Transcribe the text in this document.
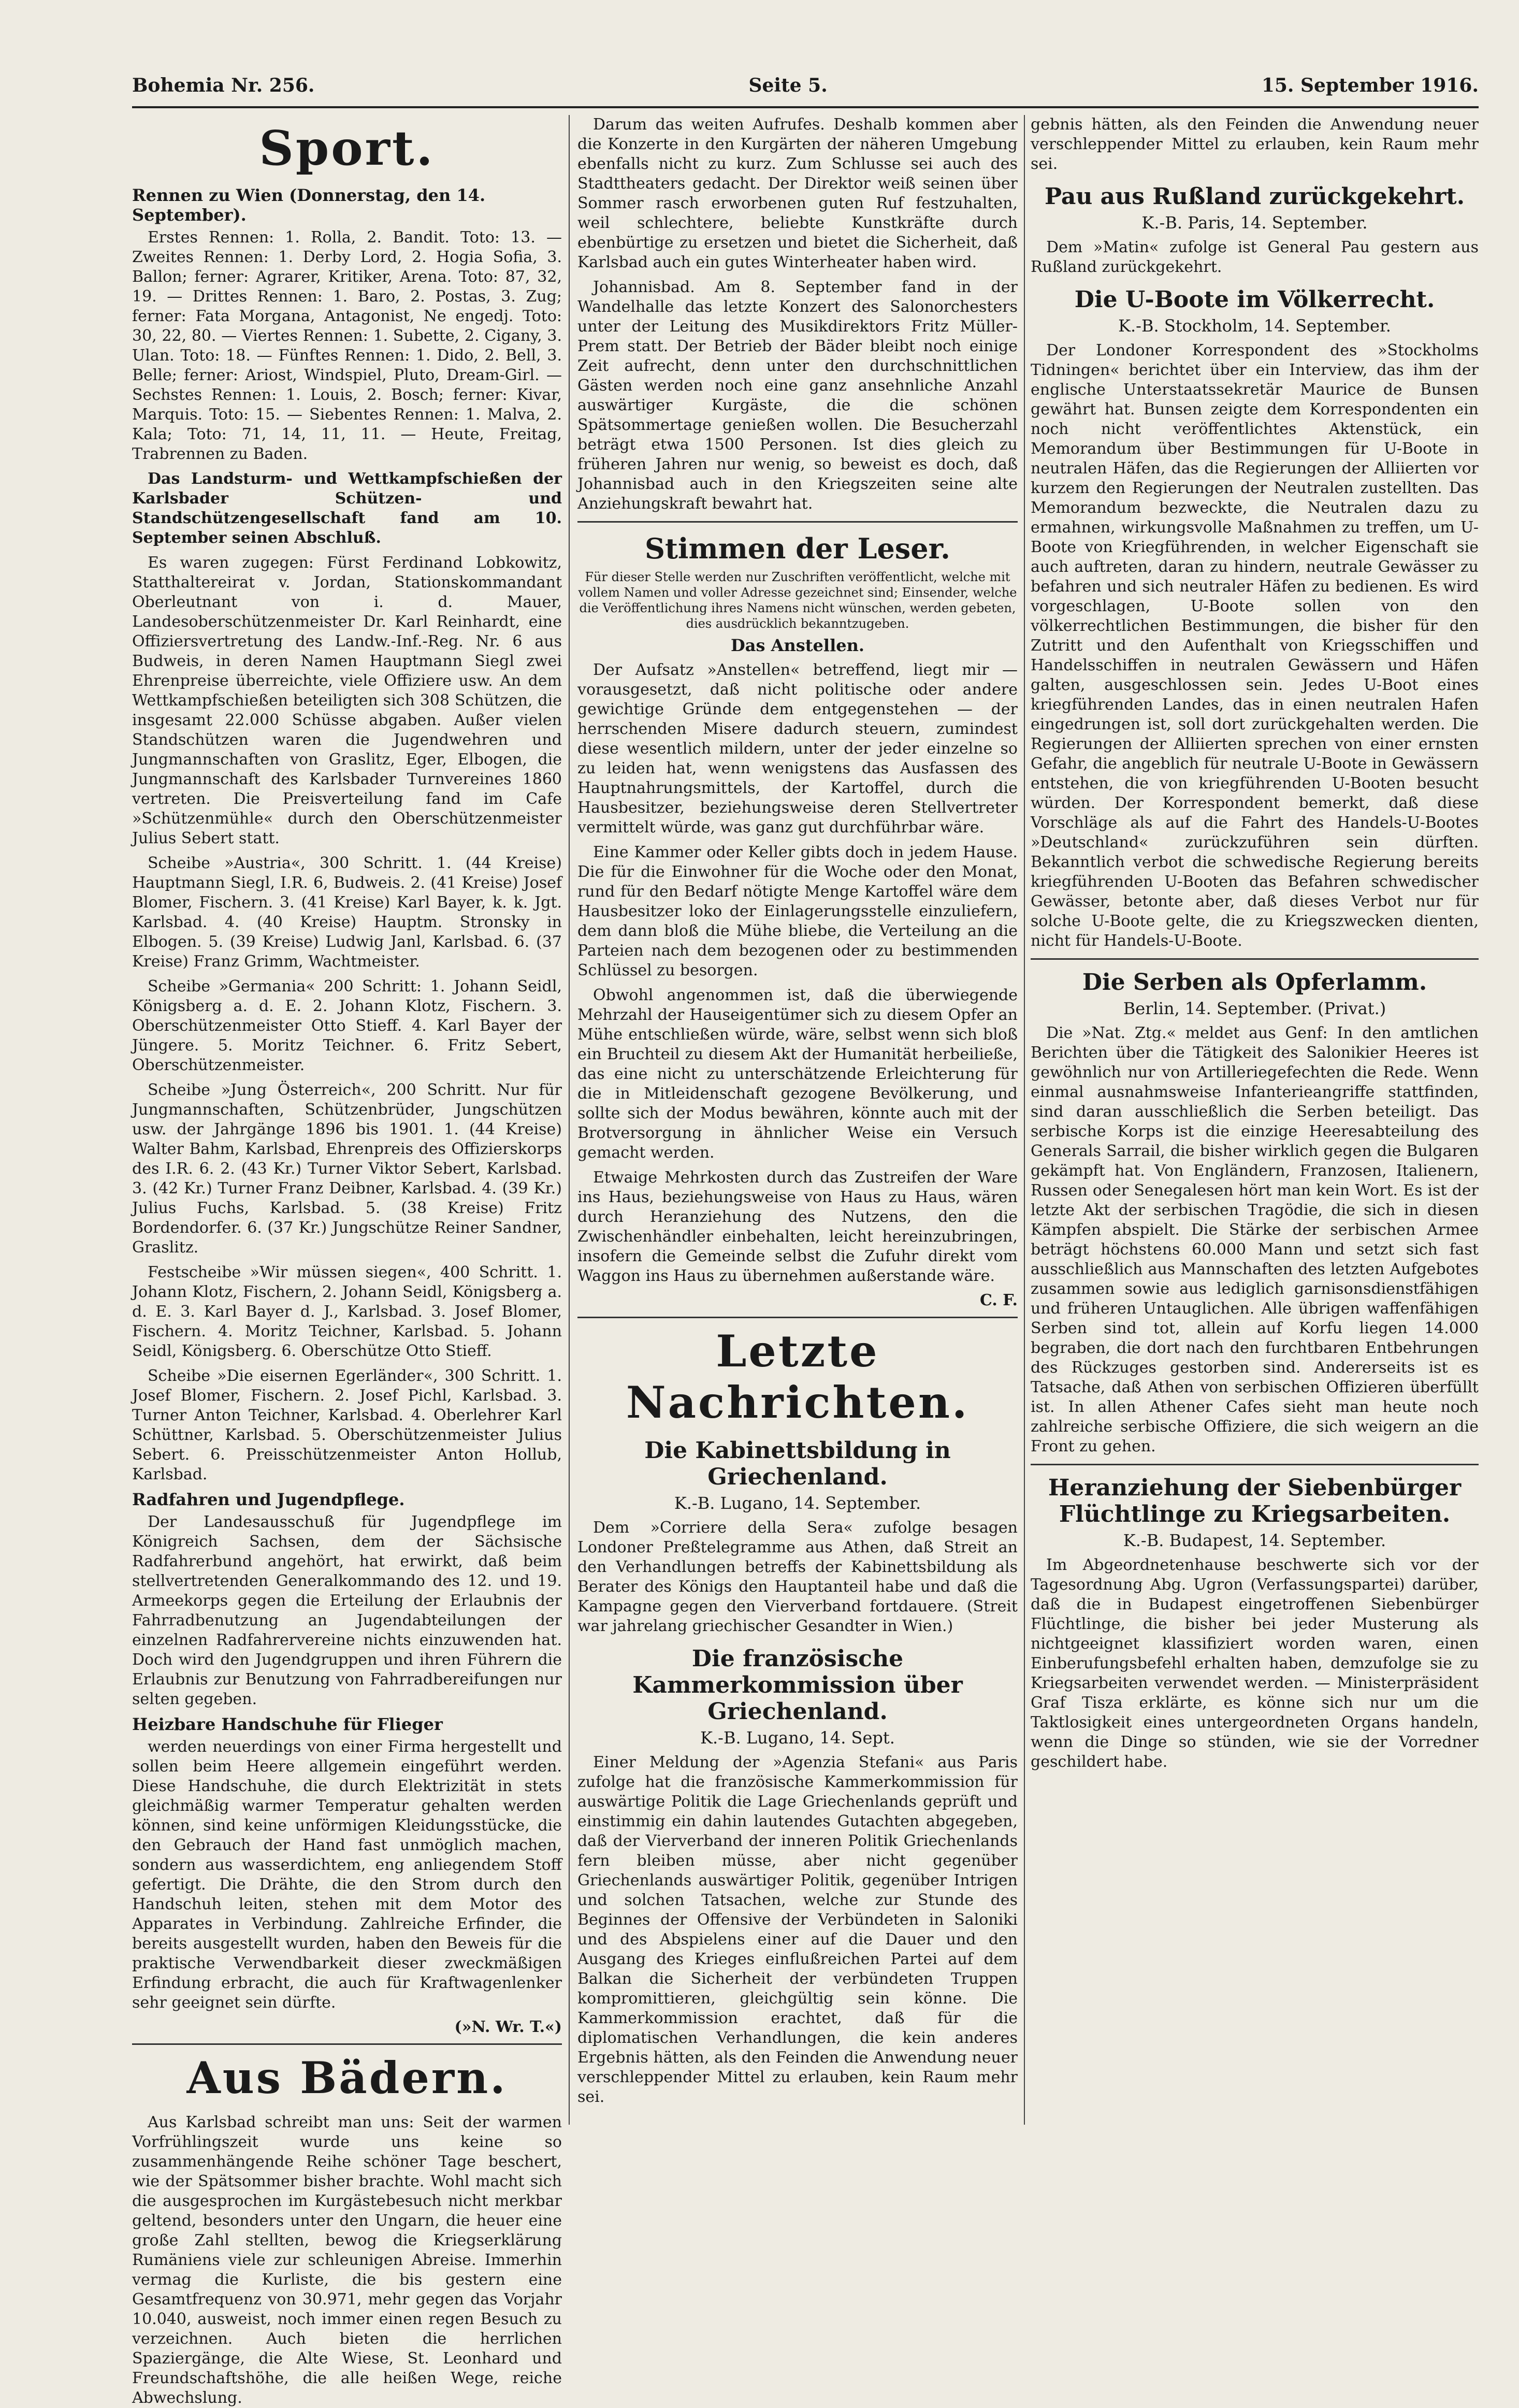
Bohemia Nr. 256.	Seite 5.	15. September 1916.
Sport.
Rennen zu Wien (Donnerstag, den 14. September).

Erstes Rennen: 1. Rolla, 2. Bandit. Toto: 13. — Zweites Rennen: 1. Derby Lord, 2. Hogia Sofia, 3. Ballon; ferner: Agrarer, Kritiker, Arena. Toto: 87, 32, 19. — Drittes Rennen: 1. Baro, 2. Postas, 3. Zug; ferner: Fata Morgana, Antagonist, Ne engedj. Toto: 30, 22, 80. — Viertes Rennen: 1. Subette, 2. Cigany, 3. Ulan. Toto: 18. — Fünftes Rennen: 1. Dido, 2. Bell, 3. Belle; ferner: Ariost, Windspiel, Pluto, Dream-Girl. — Sechstes Rennen: 1. Louis, 2. Bosch; ferner: Kivar, Marquis. Toto: 15. — Siebentes Rennen: 1. Malva, 2. Kala; Toto: 71, 14, 11, 11. — Heute, Freitag, Trabrennen zu Baden.

Das Landsturm- und Wettkampfschießen der Karlsbader Schützen- und Standschützengesellschaft fand am 10. September seinen Abschluß.

Es waren zugegen: Fürst Ferdinand Lobkowitz, Statthaltereirat v. Jordan, Stationskommandant Oberleutnant von i. d. Mauer, Landesoberschützenmeister Dr. Karl Reinhardt, eine Offiziersvertretung des Landw.-Inf.-Reg. Nr. 6 aus Budweis, in deren Namen Hauptmann Siegl zwei Ehrenpreise überreichte, viele Offiziere usw. An dem Wettkampfschießen beteiligten sich 308 Schützen, die insgesamt 22.000 Schüsse abgaben. Außer vielen Standschützen waren die Jugendwehren und Jungmannschaften von Graslitz, Eger, Elbogen, die Jungmannschaft des Karlsbader Turnvereines 1860 vertreten. Die Preisverteilung fand im Cafe »Schützenmühle« durch den Oberschützenmeister Julius Sebert statt.

Scheibe »Austria«, 300 Schritt. 1. (44 Kreise) Hauptmann Siegl, I.R. 6, Budweis. 2. (41 Kreise) Josef Blomer, Fischern. 3. (41 Kreise) Karl Bayer, k. k. Jgt. Karlsbad. 4. (40 Kreise) Hauptm. Stronsky in Elbogen. 5. (39 Kreise) Ludwig Janl, Karlsbad. 6. (37 Kreise) Franz Grimm, Wachtmeister.

Scheibe »Germania« 200 Schritt: 1. Johann Seidl, Königsberg a. d. E. 2. Johann Klotz, Fischern. 3. Oberschützenmeister Otto Stieff. 4. Karl Bayer der Jüngere. 5. Moritz Teichner. 6. Fritz Sebert, Oberschützenmeister.

Scheibe »Jung Österreich«, 200 Schritt. Nur für Jungmannschaften, Schützenbrüder, Jungschützen usw. der Jahrgänge 1896 bis 1901. 1. (44 Kreise) Walter Bahm, Karlsbad, Ehrenpreis des Offizierskorps des I.R. 6. 2. (43 Kr.) Turner Viktor Sebert, Karlsbad. 3. (42 Kr.) Turner Franz Deibner, Karlsbad. 4. (39 Kr.) Julius Fuchs, Karlsbad. 5. (38 Kreise) Fritz Bordendorfer. 6. (37 Kr.) Jungschütze Reiner Sandner, Graslitz.

Festscheibe »Wir müssen siegen«, 400 Schritt. 1. Johann Klotz, Fischern, 2. Johann Seidl, Königsberg a. d. E. 3. Karl Bayer d. J., Karlsbad. 3. Josef Blomer, Fischern. 4. Moritz Teichner, Karlsbad. 5. Johann Seidl, Königsberg. 6. Oberschütze Otto Stieff.

Scheibe »Die eisernen Egerländer«, 300 Schritt. 1. Josef Blomer, Fischern. 2. Josef Pichl, Karlsbad. 3. Turner Anton Teichner, Karlsbad. 4. Oberlehrer Karl Schüttner, Karlsbad. 5. Oberschützenmeister Julius Sebert. 6. Preisschützenmeister Anton Hollub, Karlsbad.

Radfahren und Jugendpflege.

Der Landesausschuß für Jugendpflege im Königreich Sachsen, dem der Sächsische Radfahrerbund angehört, hat erwirkt, daß beim stellvertretenden Generalkommando des 12. und 19. Armeekorps gegen die Erteilung der Erlaubnis der Fahrradbenutzung an Jugendabteilungen der einzelnen Radfahrervereine nichts einzuwenden hat. Doch wird den Jugendgruppen und ihren Führern die Erlaubnis zur Benutzung von Fahrradbereifungen nur selten gegeben.

Heizbare Handschuhe für Flieger

werden neuerdings von einer Firma hergestellt und sollen beim Heere allgemein eingeführt werden. Diese Handschuhe, die durch Elektrizität in stets gleichmäßig warmer Temperatur gehalten werden können, sind keine unförmigen Kleidungsstücke, die den Gebrauch der Hand fast unmöglich machen, sondern aus wasserdichtem, eng anliegendem Stoff gefertigt. Die Drähte, die den Strom durch den Handschuh leiten, stehen mit dem Motor des Apparates in Verbindung. Zahlreiche Erfinder, die bereits ausgestellt wurden, haben den Beweis für die praktische Verwendbarkeit dieser zweckmäßigen Erfindung erbracht, die auch für Kraftwagenlenker sehr geeignet sein dürfte.

(»N. Wr. T.«)
Aus Bädern.

Aus Karlsbad schreibt man uns: Seit der warmen Vorfrühlingszeit wurde uns keine so zusammenhängende Reihe schöner Tage beschert, wie der Spätsommer bisher brachte. Wohl macht sich die ausgesprochen im Kurgästebesuch nicht merkbar geltend, besonders unter den Ungarn, die heuer eine große Zahl stellten, bewog die Kriegserklärung Rumäniens viele zur schleunigen Abreise. Immerhin vermag die Kurliste, die bis gestern eine Gesamtfrequenz von 30.971, mehr gegen das Vorjahr 10.040, ausweist, noch immer einen regen Besuch zu verzeichnen. Auch bieten die herrlichen Spaziergänge, die Alte Wiese, St. Leonhard und Freundschaftshöhe, die alle heißen Wege, reiche Abwechslung.

Darum das weiten Aufrufes. Deshalb kommen aber die Konzerte in den Kurgärten der näheren Umgebung ebenfalls nicht zu kurz. Zum Schlusse sei auch des Stadttheaters gedacht. Der Direktor weiß seinen über Sommer rasch erworbenen guten Ruf festzuhalten, weil schlechtere, beliebte Kunstkräfte durch ebenbürtige zu ersetzen und bietet die Sicherheit, daß Karlsbad auch ein gutes Winterheater haben wird.

Johannisbad. Am 8. September fand in der Wandelhalle das letzte Konzert des Salonorchesters unter der Leitung des Musikdirektors Fritz Müller-Prem statt. Der Betrieb der Bäder bleibt noch einige Zeit aufrecht, denn unter den durchschnittlichen Gästen werden noch eine ganz ansehnliche Anzahl auswärtiger Kurgäste, die die schönen Spätsommertage genießen wollen. Die Besucherzahl beträgt etwa 1500 Personen. Ist dies gleich zu früheren Jahren nur wenig, so beweist es doch, daß Johannisbad auch in den Kriegszeiten seine alte Anziehungskraft bewahrt hat.

Stimmen der Leser.

Für dieser Stelle werden nur Zuschriften veröffentlicht, welche mit vollem Namen und voller Adresse gezeichnet sind; Einsender, welche die Veröffentlichung ihres Namens nicht wünschen, werden gebeten, dies ausdrücklich bekanntzugeben.

Das Anstellen.

Der Aufsatz »Anstellen« betreffend, liegt mir — vorausgesetzt, daß nicht politische oder andere gewichtige Gründe dem entgegenstehen — der herrschenden Misere dadurch steuern, zumindest diese wesentlich mildern, unter der jeder einzelne so zu leiden hat, wenn wenigstens das Ausfassen des Hauptnahrungsmittels, der Kartoffel, durch die Hausbesitzer, beziehungsweise deren Stellvertreter vermittelt würde, was ganz gut durchführbar wäre.

Eine Kammer oder Keller gibts doch in jedem Hause. Die für die Einwohner für die Woche oder den Monat, rund für den Bedarf nötigte Menge Kartoffel wäre dem Hausbesitzer loko der Einlagerungsstelle einzuliefern, dem dann bloß die Mühe bliebe, die Verteilung an die Parteien nach dem bezogenen oder zu bestimmenden Schlüssel zu besorgen.

Obwohl angenommen ist, daß die überwiegende Mehrzahl der Hauseigentümer sich zu diesem Opfer an Mühe entschließen würde, wäre, selbst wenn sich bloß ein Bruchteil zu diesem Akt der Humanität herbeiließe, das eine nicht zu unterschätzende Erleichterung für die in Mitleidenschaft gezogene Bevölkerung, und sollte sich der Modus bewähren, könnte auch mit der Brotversorgung in ähnlicher Weise ein Versuch gemacht werden.

Etwaige Mehrkosten durch das Zustreifen der Ware ins Haus, beziehungsweise von Haus zu Haus, wären durch Heranziehung des Nutzens, den die Zwischenhändler einbehalten, leicht hereinzubringen, insofern die Gemeinde selbst die Zufuhr direkt vom Waggon ins Haus zu übernehmen außerstande wäre.

C. F.
Letzte Nachrichten.
Die Kabinettsbildung in Griechenland.
K.-B. Lugano, 14. September.

Dem »Corriere della Sera« zufolge besagen Londoner Preßtelegramme aus Athen, daß Streit an den Verhandlungen betreffs der Kabinettsbildung als Berater des Königs den Hauptanteil habe und daß die Kampagne gegen den Vierverband fortdauere. (Streit war jahrelang griechischer Gesandter in Wien.)

Die französische Kammerkommission über Griechenland.
K.-B. Lugano, 14. Sept.

Einer Meldung der »Agenzia Stefani« aus Paris zufolge hat die französische Kammerkommission für auswärtige Politik die Lage Griechenlands geprüft und einstimmig ein dahin lautendes Gutachten abgegeben, daß der Vierverband der inneren Politik Griechenlands fern bleiben müsse, aber nicht gegenüber Griechenlands auswärtiger Politik, gegenüber Intrigen und solchen Tatsachen, welche zur Stunde des Beginnes der Offensive der Verbündeten in Saloniki und des Abspielens einer auf die Dauer und den Ausgang des Krieges einflußreichen Partei auf dem Balkan die Sicherheit der verbündeten Truppen kompromittieren, gleichgültig sein könne. Die Kammerkommission erachtet, daß für die diplomatischen Verhandlungen, die kein anderes Ergebnis hätten, als den Feinden die Anwendung neuer verschleppender Mittel zu erlauben, kein Raum mehr sei.

gebnis hätten, als den Feinden die Anwendung neuer verschleppender Mittel zu erlauben, kein Raum mehr sei.

Pau aus Rußland zurückgekehrt.
K.-B. Paris, 14. September.

Dem »Matin« zufolge ist General Pau gestern aus Rußland zurückgekehrt.

Die U-Boote im Völkerrecht.
K.-B. Stockholm, 14. September.

Der Londoner Korrespondent des »Stockholms Tidningen« berichtet über ein Interview, das ihm der englische Unterstaatssekretär Maurice de Bunsen gewährt hat. Bunsen zeigte dem Korrespondenten ein noch nicht veröffentlichtes Aktenstück, ein Memorandum über Bestimmungen für U-Boote in neutralen Häfen, das die Regierungen der Alliierten vor kurzem den Regierungen der Neutralen zustellten. Das Memorandum bezweckte, die Neutralen dazu zu ermahnen, wirkungsvolle Maßnahmen zu treffen, um U-Boote von Kriegführenden, in welcher Eigenschaft sie auch auftreten, daran zu hindern, neutrale Gewässer zu befahren und sich neutraler Häfen zu bedienen. Es wird vorgeschlagen, U-Boote sollen von den völkerrechtlichen Bestimmungen, die bisher für den Zutritt und den Aufenthalt von Kriegsschiffen und Handelsschiffen in neutralen Gewässern und Häfen galten, ausgeschlossen sein. Jedes U-Boot eines kriegführenden Landes, das in einen neutralen Hafen eingedrungen ist, soll dort zurückgehalten werden. Die Regierungen der Alliierten sprechen von einer ernsten Gefahr, die angeblich für neutrale U-Boote in Gewässern entstehen, die von kriegführenden U-Booten besucht würden. Der Korrespondent bemerkt, daß diese Vorschläge als auf die Fahrt des Handels-U-Bootes »Deutschland« zurückzuführen sein dürften. Bekanntlich verbot die schwedische Regierung bereits kriegführenden U-Booten das Befahren schwedischer Gewässer, betonte aber, daß dieses Verbot nur für solche U-Boote gelte, die zu Kriegszwecken dienten, nicht für Handels-U-Boote.

Die Serben als Opferlamm.
Berlin, 14. September. (Privat.)

Die »Nat. Ztg.« meldet aus Genf: In den amtlichen Berichten über die Tätigkeit des Salonikier Heeres ist gewöhnlich nur von Artilleriegefechten die Rede. Wenn einmal ausnahmsweise Infanterieangriffe stattfinden, sind daran ausschließlich die Serben beteiligt. Das serbische Korps ist die einzige Heeresabteilung des Generals Sarrail, die bisher wirklich gegen die Bulgaren gekämpft hat. Von Engländern, Franzosen, Italienern, Russen oder Senegalesen hört man kein Wort. Es ist der letzte Akt der serbischen Tragödie, die sich in diesen Kämpfen abspielt. Die Stärke der serbischen Armee beträgt höchstens 60.000 Mann und setzt sich fast ausschließlich aus Mannschaften des letzten Aufgebotes zusammen sowie aus lediglich garnisonsdienstfähigen und früheren Untauglichen. Alle übrigen waffenfähigen Serben sind tot, allein auf Korfu liegen 14.000 begraben, die dort nach den furchtbaren Entbehrungen des Rückzuges gestorben sind. Andererseits ist es Tatsache, daß Athen von serbischen Offizieren überfüllt ist. In allen Athener Cafes sieht man heute noch zahlreiche serbische Offiziere, die sich weigern an die Front zu gehen.

Heranziehung der Siebenbürger Flüchtlinge zu Kriegsarbeiten.
K.-B. Budapest, 14. September.

Im Abgeordnetenhause beschwerte sich vor der Tagesordnung Abg. Ugron (Verfassungspartei) darüber, daß die in Budapest eingetroffenen Siebenbürger Flüchtlinge, die bisher bei jeder Musterung als nichtgeeignet klassifiziert worden waren, einen Einberufungsbefehl erhalten haben, demzufolge sie zu Kriegsarbeiten verwendet werden. — Ministerpräsident Graf Tisza erklärte, es könne sich nur um die Taktlosigkeit eines untergeordneten Organs handeln, wenn die Dinge so stünden, wie sie der Vorredner geschildert habe.
